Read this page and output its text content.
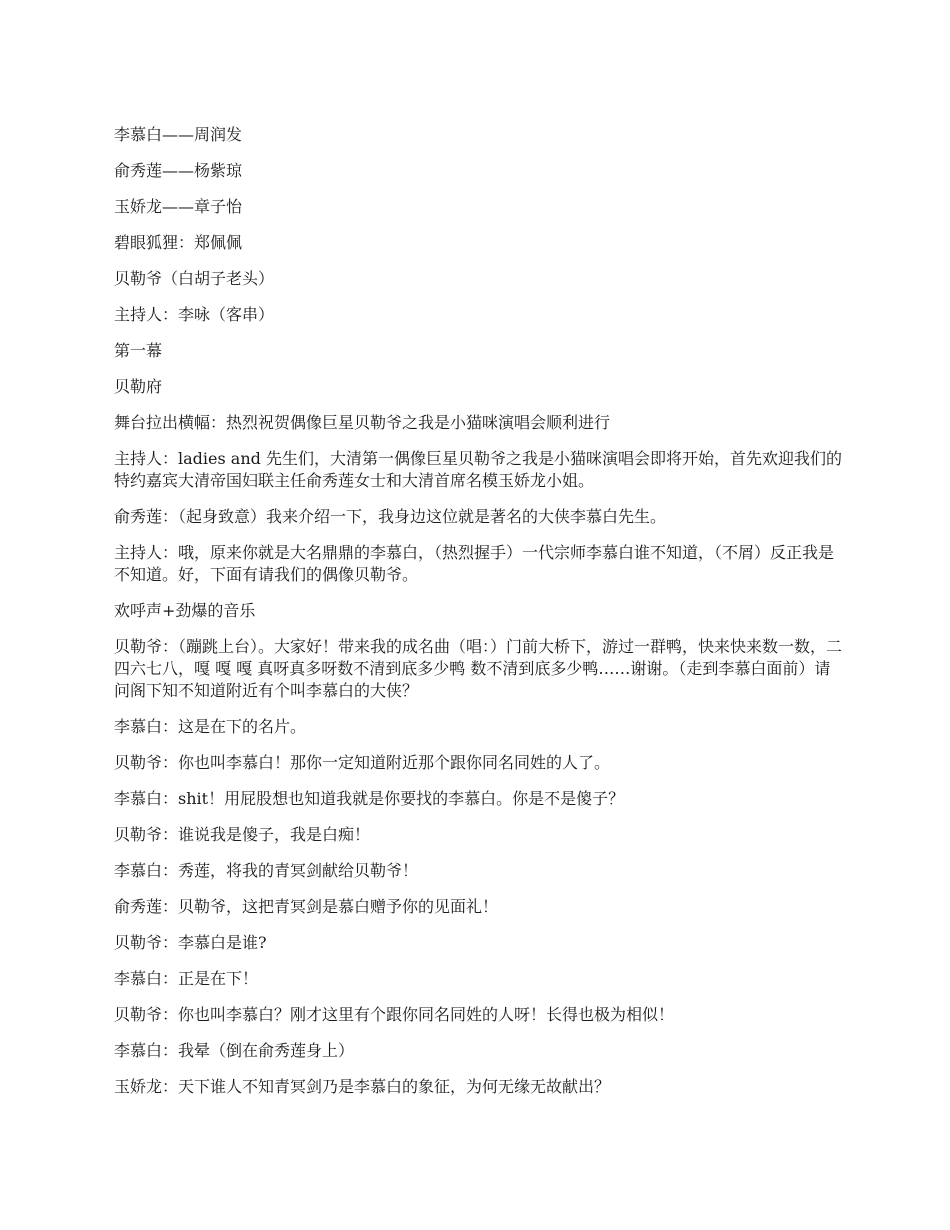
李慕白——周润发

俞秀莲——杨紫琼

玉娇龙——章子怡

碧眼狐狸：郑佩佩

贝勒爷（白胡子老头）

主持人：李咏（客串）

第一幕

贝勒府

舞台拉出横幅：热烈祝贺偶像巨星贝勒爷之我是小猫咪演唱会顺利进行

主持人：ladies and 先生们，大清第一偶像巨星贝勒爷之我是小猫咪演唱会即将开始，首先欢迎我们的特约嘉宾大清帝国妇联主任俞秀莲女士和大清首席名模玉娇龙小姐。

俞秀莲：（起身致意）我来介绍一下，我身边这位就是著名的大侠李慕白先生。

主持人：哦，原来你就是大名鼎鼎的李慕白，（热烈握手）一代宗师李慕白谁不知道，（不屑）反正我是不知道。好，下面有请我们的偶像贝勒爷。

欢呼声+劲爆的音乐

贝勒爷：（蹦跳上台）。大家好！带来我的成名曲（唱：）门前大桥下，游过一群鸭，快来快来数一数，二四六七八，嘎 嘎 嘎 真呀真多呀数不清到底多少鸭 数不清到底多少鸭……谢谢。（走到李慕白面前）请问阁下知不知道附近有个叫李慕白的大侠？

李慕白：这是在下的名片。

贝勒爷：你也叫李慕白！那你一定知道附近那个跟你同名同姓的人了。

李慕白：shit！用屁股想也知道我就是你要找的李慕白。你是不是傻子？

贝勒爷：谁说我是傻子，我是白痴！

李慕白：秀莲，将我的青冥剑献给贝勒爷！

俞秀莲：贝勒爷，这把青冥剑是慕白赠予你的见面礼！

贝勒爷：李慕白是谁?

李慕白：正是在下！

贝勒爷：你也叫李慕白？刚才这里有个跟你同名同姓的人呀！长得也极为相似！

李慕白：我晕（倒在俞秀莲身上）

玉娇龙：天下谁人不知青冥剑乃是李慕白的象征，为何无缘无故献出？
